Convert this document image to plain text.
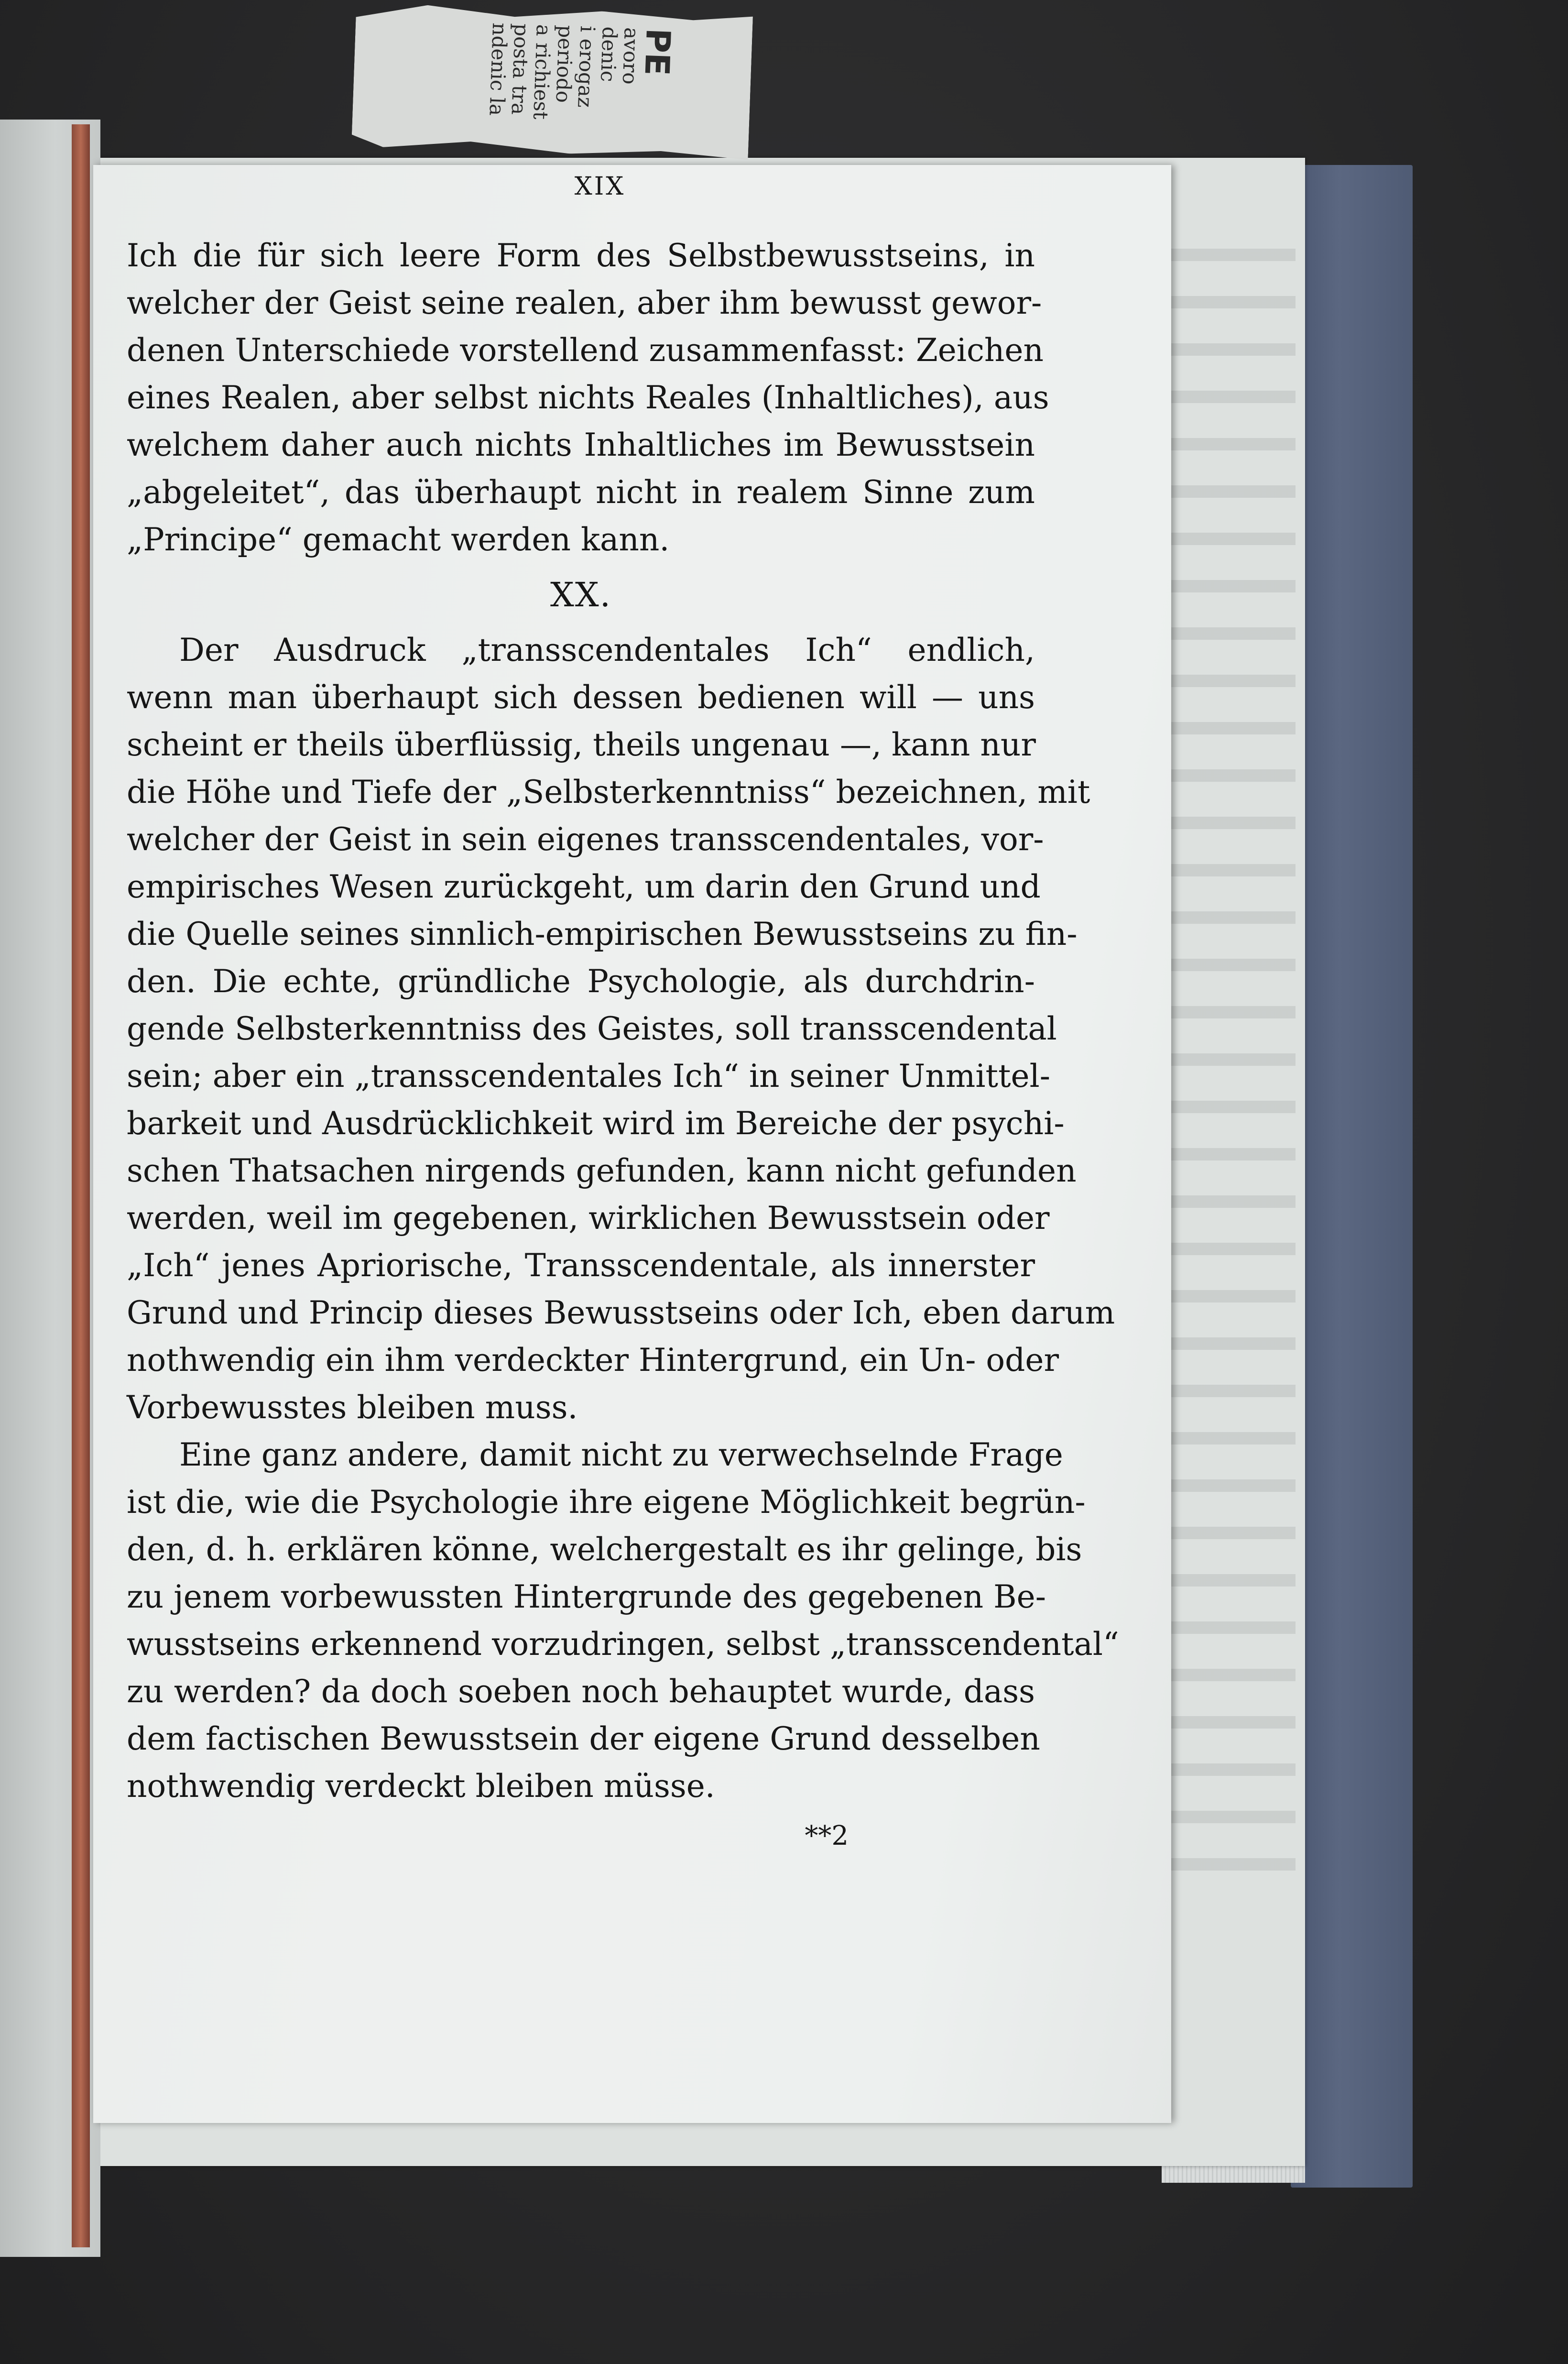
PE
avoro
denic
i erogaz
periodo
a richiest
posta tra
ndenic la
XIX
Ich die für sich leere Form des Selbstbewusstseins, in
welcher der Geist seine realen, aber ihm bewusst gewor-
denen Unterschiede vorstellend zusammenfasst: Zeichen
eines Realen, aber selbst nichts Reales (Inhaltliches), aus
welchem daher auch nichts Inhaltliches im Bewusstsein
„abgeleitet“, das überhaupt nicht in realem Sinne zum
„Principe“ gemacht werden kann.
XX.
Der Ausdruck „transscendentales Ich“ endlich,
wenn man überhaupt sich dessen bedienen will — uns
scheint er theils überflüssig, theils ungenau —, kann nur
die Höhe und Tiefe der „Selbsterkenntniss“ bezeichnen, mit
welcher der Geist in sein eigenes transscendentales, vor-
empirisches Wesen zurückgeht, um darin den Grund und
die Quelle seines sinnlich-empirischen Bewusstseins zu fin-
den. Die echte, gründliche Psychologie, als durchdrin-
gende Selbsterkenntniss des Geistes, soll transscendental
sein; aber ein „transscendentales Ich“ in seiner Unmittel-
barkeit und Ausdrücklichkeit wird im Bereiche der psychi-
schen Thatsachen nirgends gefunden, kann nicht gefunden
werden, weil im gegebenen, wirklichen Bewusstsein oder
„Ich“ jenes Apriorische, Transscendentale, als innerster
Grund und Princip dieses Bewusstseins oder Ich, eben darum
nothwendig ein ihm verdeckter Hintergrund, ein Un- oder
Vorbewusstes bleiben muss.
Eine ganz andere, damit nicht zu verwechselnde Frage
ist die, wie die Psychologie ihre eigene Möglichkeit begrün-
den, d. h. erklären könne, welchergestalt es ihr gelinge, bis
zu jenem vorbewussten Hintergrunde des gegebenen Be-
wusstseins erkennend vorzudringen, selbst „transscendental“
zu werden? da doch soeben noch behauptet wurde, dass
dem factischen Bewusstsein der eigene Grund desselben
nothwendig verdeckt bleiben müsse.
**2
